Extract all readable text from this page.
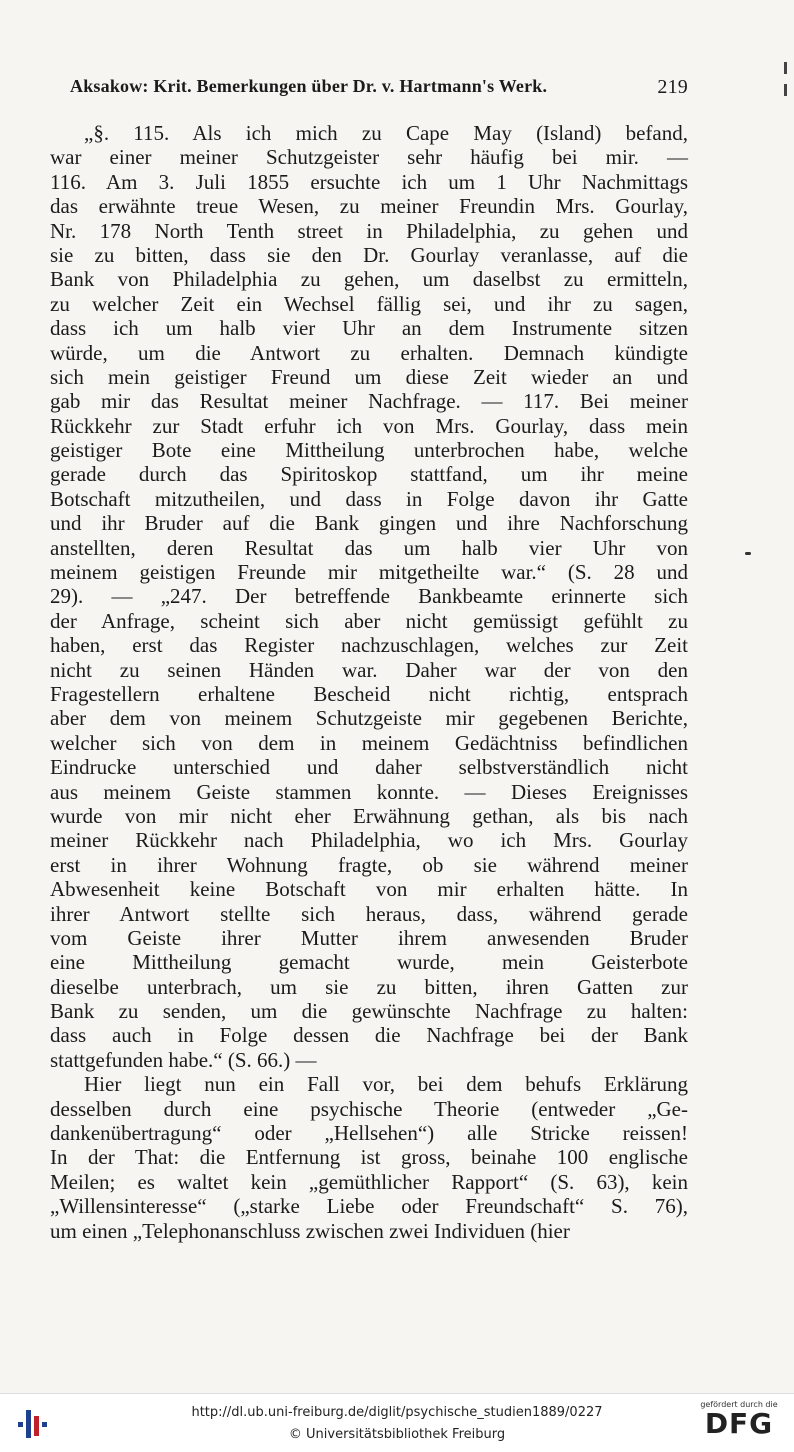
Aksakow: Krit. Bemerkungen über Dr. v. Hartmann's Werk.	219
„§. 115. Als ich mich zu Cape May (Island) befand,
war einer meiner Schutzgeister sehr häufig bei mir. —
116. Am 3. Juli 1855 ersuchte ich um 1 Uhr Nachmittags
das erwähnte treue Wesen, zu meiner Freundin Mrs. Gourlay,
Nr. 178 North Tenth street in Philadelphia, zu gehen und
sie zu bitten, dass sie den Dr. Gourlay veranlasse, auf die
Bank von Philadelphia zu gehen, um daselbst zu ermitteln,
zu welcher Zeit ein Wechsel fällig sei, und ihr zu sagen,
dass ich um halb vier Uhr an dem Instrumente sitzen
würde, um die Antwort zu erhalten. Demnach kündigte
sich mein geistiger Freund um diese Zeit wieder an und
gab mir das Resultat meiner Nachfrage. — 117. Bei meiner
Rückkehr zur Stadt erfuhr ich von Mrs. Gourlay, dass mein
geistiger Bote eine Mittheilung unterbrochen habe, welche
gerade durch das Spiritoskop stattfand, um ihr meine
Botschaft mitzutheilen, und dass in Folge davon ihr Gatte
und ihr Bruder auf die Bank gingen und ihre Nachforschung
anstellten, deren Resultat das um halb vier Uhr von
meinem geistigen Freunde mir mitgetheilte war.“ (S. 28 und
29). — „247. Der betreffende Bankbeamte erinnerte sich
der Anfrage, scheint sich aber nicht gemüssigt gefühlt zu
haben, erst das Register nachzuschlagen, welches zur Zeit
nicht zu seinen Händen war. Daher war der von den
Fragestellern erhaltene Bescheid nicht richtig, entsprach
aber dem von meinem Schutzgeiste mir gegebenen Berichte,
welcher sich von dem in meinem Gedächtniss befindlichen
Eindrucke unterschied und daher selbstverständlich nicht
aus meinem Geiste stammen konnte. — Dieses Ereignisses
wurde von mir nicht eher Erwähnung gethan, als bis nach
meiner Rückkehr nach Philadelphia, wo ich Mrs. Gourlay
erst in ihrer Wohnung fragte, ob sie während meiner
Abwesenheit keine Botschaft von mir erhalten hätte. In
ihrer Antwort stellte sich heraus, dass, während gerade
vom Geiste ihrer Mutter ihrem anwesenden Bruder
eine Mittheilung gemacht wurde, mein Geisterbote
dieselbe unterbrach, um sie zu bitten, ihren Gatten zur
Bank zu senden, um die gewünschte Nachfrage zu halten:
dass auch in Folge dessen die Nachfrage bei der Bank
stattgefunden habe.“ (S. 66.) —
Hier liegt nun ein Fall vor, bei dem behufs Erklärung
desselben durch eine psychische Theorie (entweder „Ge-
dankenübertragung“ oder „Hellsehen“) alle Stricke reissen!
In der That: die Entfernung ist gross, beinahe 100 englische
Meilen; es waltet kein „gemüthlicher Rapport“ (S. 63), kein
„Willensinteresse“ („starke Liebe oder Freundschaft“ S. 76),
um einen „Telephonanschluss zwischen zwei Individuen (hier
http://dl.ub.uni-freiburg.de/diglit/psychische_studien1889/0227
© Universitätsbibliothek Freiburg
gefördert durch die
DFG
